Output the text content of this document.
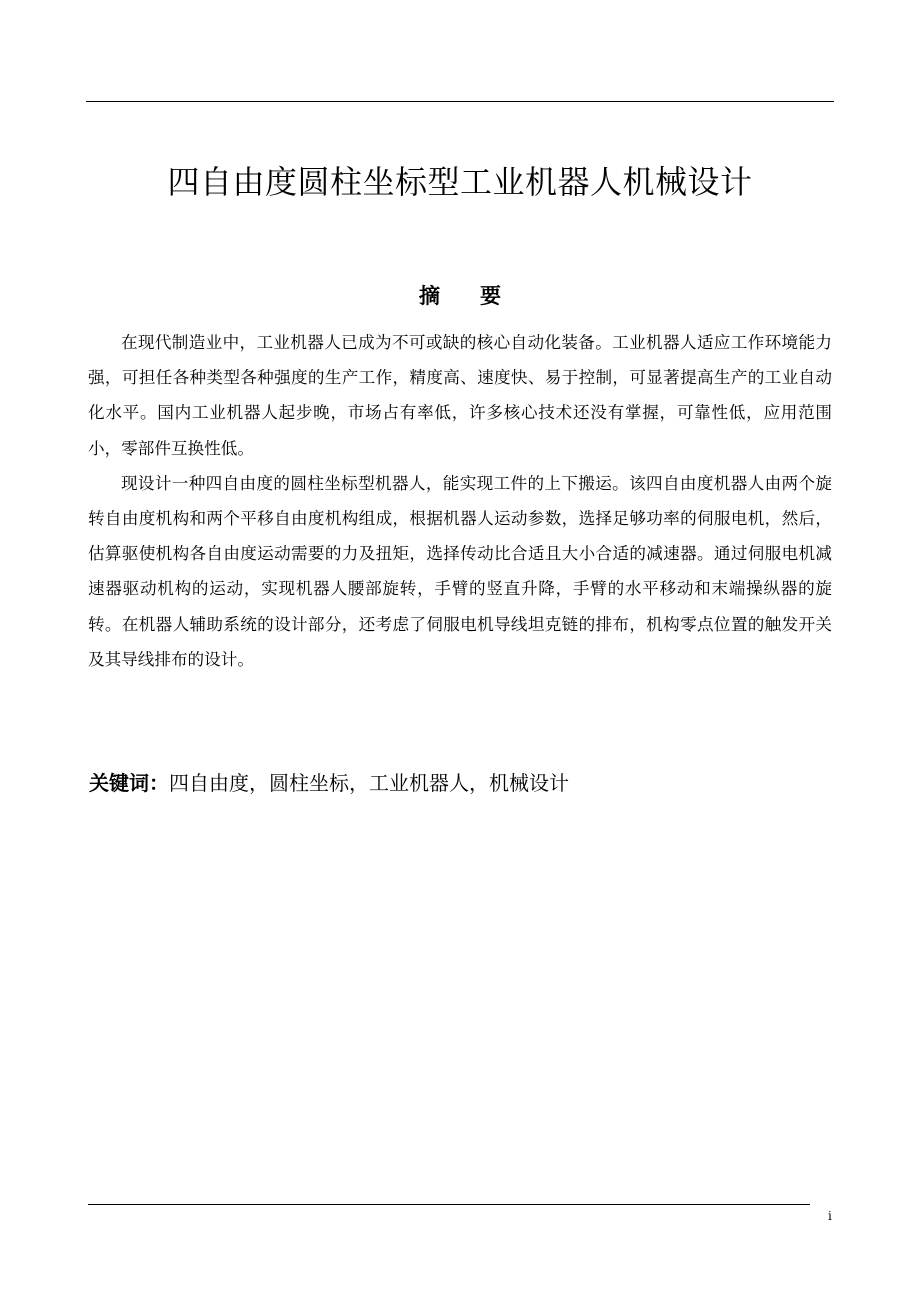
四自由度圆柱坐标型工业机器人机械设计
摘要

在现代制造业中，工业机器人已成为不可或缺的核心自动化装备。工业机器人适应工作环境能力强，可担任各种类型各种强度的生产工作，精度高、速度快、易于控制，可显著提高生产的工业自动化水平。国内工业机器人起步晚，市场占有率低，许多核心技术还没有掌握，可靠性低，应用范围小，零部件互换性低。

现设计一种四自由度的圆柱坐标型机器人，能实现工件的上下搬运。该四自由度机器人由两个旋转自由度机构和两个平移自由度机构组成，根据机器人运动参数，选择足够功率的伺服电机，然后，估算驱使机构各自由度运动需要的力及扭矩，选择传动比合适且大小合适的减速器。通过伺服电机减速器驱动机构的运动，实现机器人腰部旋转，手臂的竖直升降，手臂的水平移动和末端操纵器的旋转。在机器人辅助系统的设计部分，还考虑了伺服电机导线坦克链的排布，机构零点位置的触发开关及其导线排布的设计。

关键词：四自由度，圆柱坐标，工业机器人，机械设计
i
